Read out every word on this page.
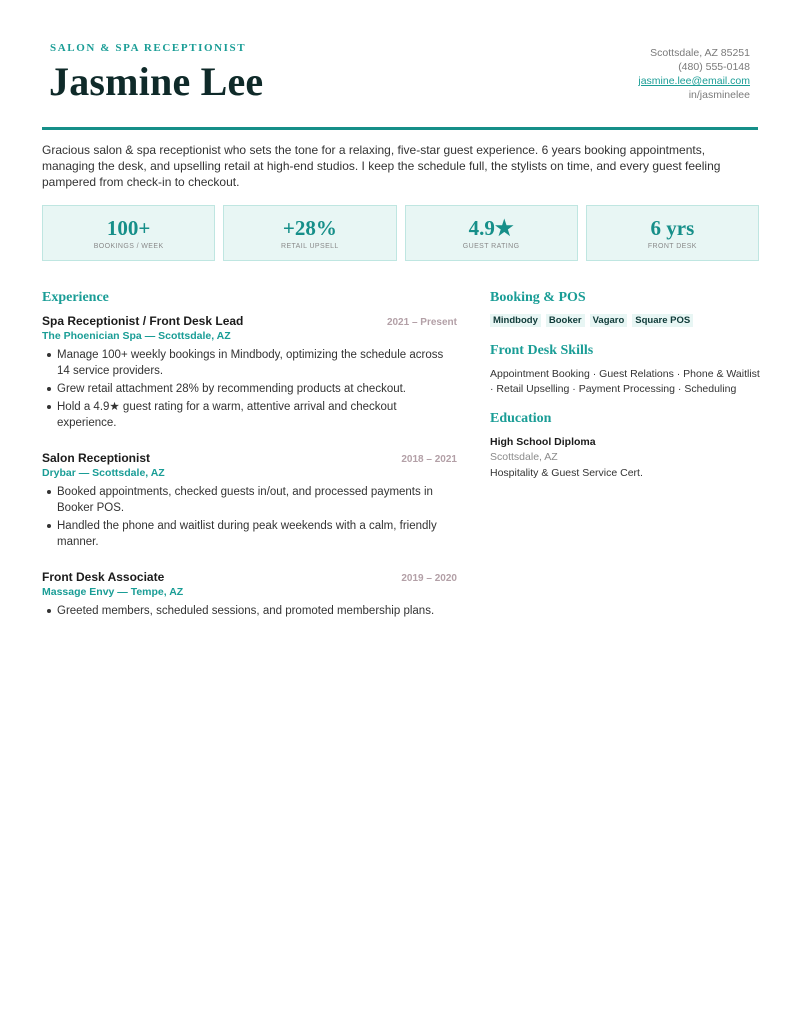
SALON & SPA RECEPTIONIST
Jasmine Lee
Scottsdale, AZ 85251
(480) 555-0148
jasmine.lee@email.com
in/jasminelee
Gracious salon & spa receptionist who sets the tone for a relaxing, five-star guest experience. 6 years booking appointments, managing the desk, and upselling retail at high-end studios. I keep the schedule full, the stylists on time, and every guest feeling pampered from check-in to checkout.
100+
BOOKINGS / WEEK
+28%
RETAIL UPSELL
4.9★
GUEST RATING
6 yrs
FRONT DESK
Experience
Spa Receptionist / Front Desk Lead	2021 – Present
The Phoenician Spa — Scottsdale, AZ
Manage 100+ weekly bookings in Mindbody, optimizing the schedule across 14 service providers.
Grew retail attachment 28% by recommending products at checkout.
Hold a 4.9★ guest rating for a warm, attentive arrival and checkout experience.
Salon Receptionist	2018 – 2021
Drybar — Scottsdale, AZ
Booked appointments, checked guests in/out, and processed payments in Booker POS.
Handled the phone and waitlist during peak weekends with a calm, friendly manner.
Front Desk Associate	2019 – 2020
Massage Envy — Tempe, AZ
Greeted members, scheduled sessions, and promoted membership plans.
Booking & POS
Mindbody	Booker	Vagaro	Square POS
Front Desk Skills
Appointment Booking · Guest Relations · Phone & Waitlist · Retail Upselling · Payment Processing · Scheduling
Education
High School Diploma
Scottsdale, AZ
Hospitality & Guest Service Cert.
